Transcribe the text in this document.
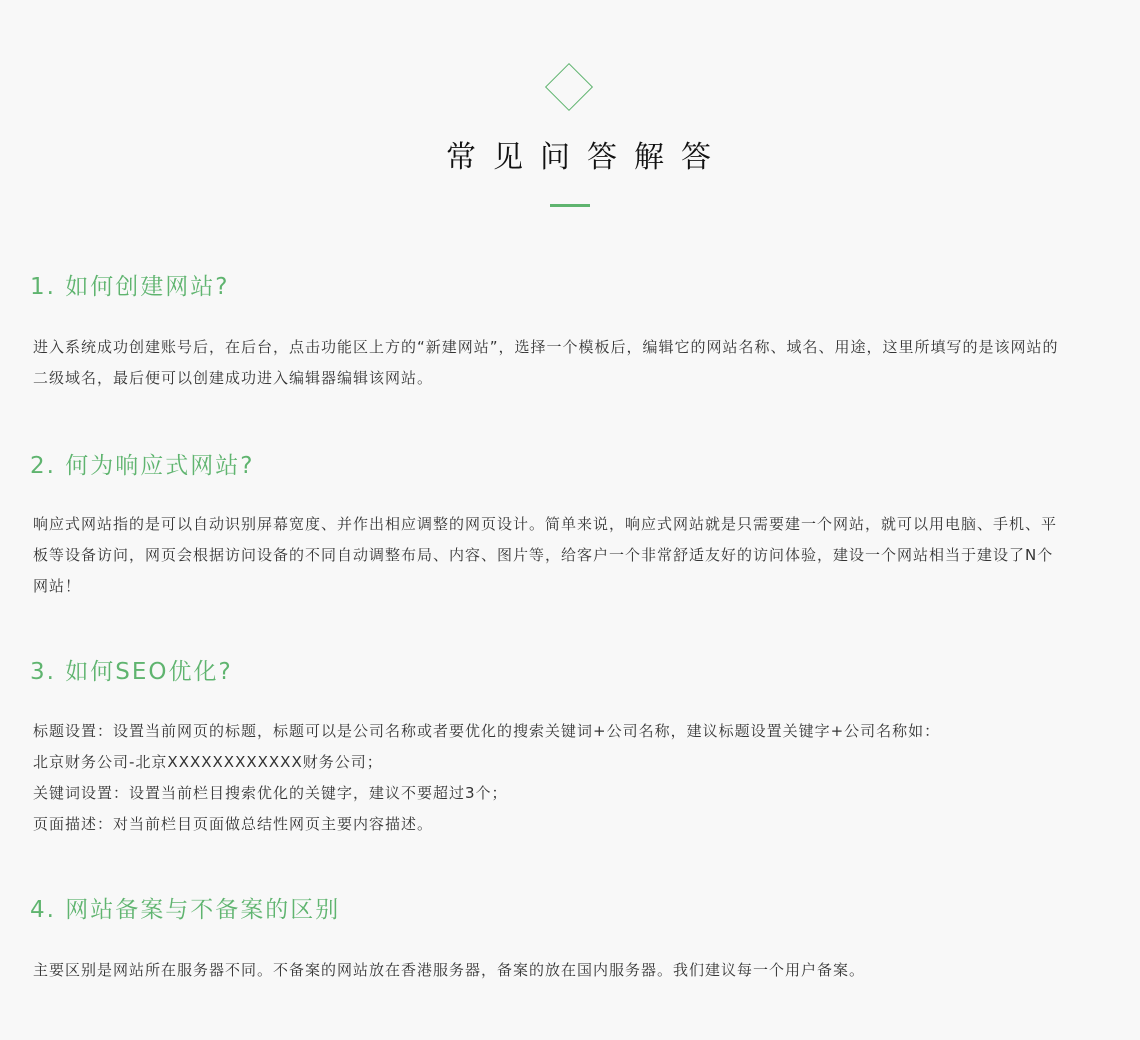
常见问答解答
1. 如何创建网站?

进入系统成功创建账号后，在后台，点击功能区上方的“新建网站”，选择一个模板后，编辑它的网站名称、域名、用途，这里所填写的是该网站的

二级域名，最后便可以创建成功进入编辑器编辑该网站。

2. 何为响应式网站?

响应式网站指的是可以自动识别屏幕宽度、并作出相应调整的网页设计。简单来说，响应式网站就是只需要建一个网站，就可以用电脑、手机、平

板等设备访问，网页会根据访问设备的不同自动调整布局、内容、图片等，给客户一个非常舒适友好的访问体验，建设一个网站相当于建设了N个

网站！

3. 如何SEO优化?

标题设置：设置当前网页的标题，标题可以是公司名称或者要优化的搜索关键词+公司名称，建议标题设置关键字+公司名称如：

北京财务公司-北京XXXXXXXXXXXX财务公司；

关键词设置：设置当前栏目搜索优化的关键字，建议不要超过3个；

页面描述：对当前栏目页面做总结性网页主要内容描述。

4. 网站备案与不备案的区别

主要区别是网站所在服务器不同。不备案的网站放在香港服务器，备案的放在国内服务器。我们建议每一个用户备案。
